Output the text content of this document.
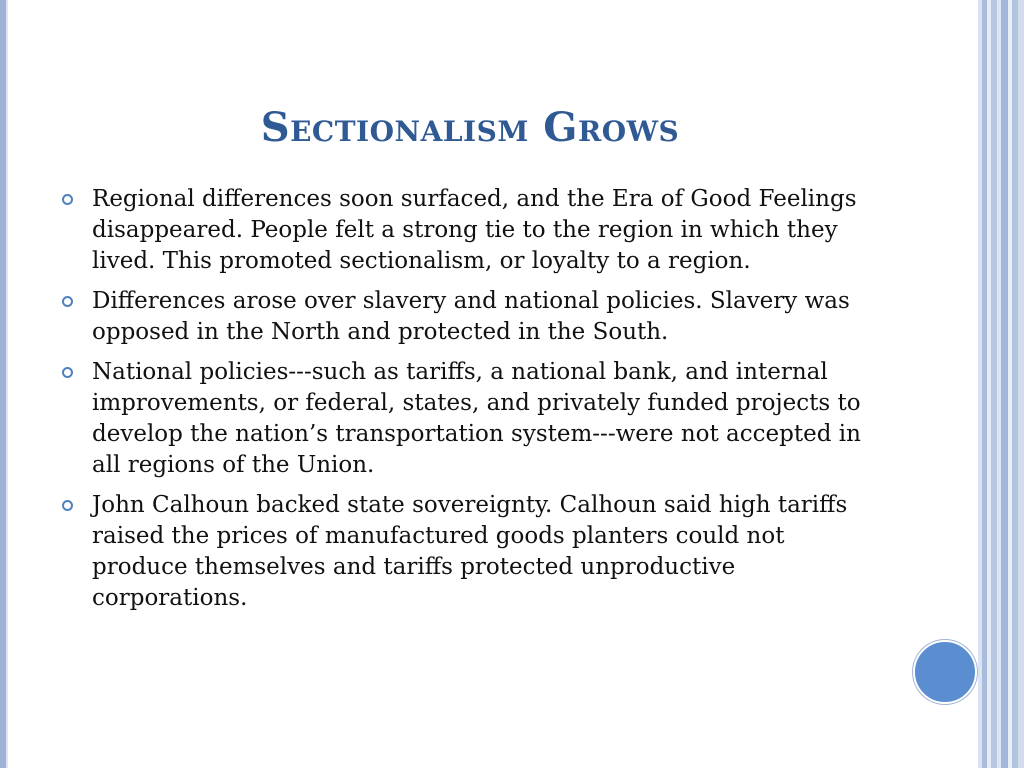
Sectionalism Grows
Regional differences soon surfaced, and the Era of Good Feelings disappeared. People felt a strong tie to the region in which they lived. This promoted sectionalism, or loyalty to a region.
Differences arose over slavery and national policies. Slavery was opposed in the North and protected in the South.
National policies---such as tariffs, a national bank, and internal improvements, or federal, states, and privately funded projects to develop the nation’s transportation system---were not accepted in all regions of the Union.
John Calhoun backed state sovereignty. Calhoun said high tariffs raised the prices of manufactured goods planters could not produce themselves and tariffs protected unproductive corporations.
